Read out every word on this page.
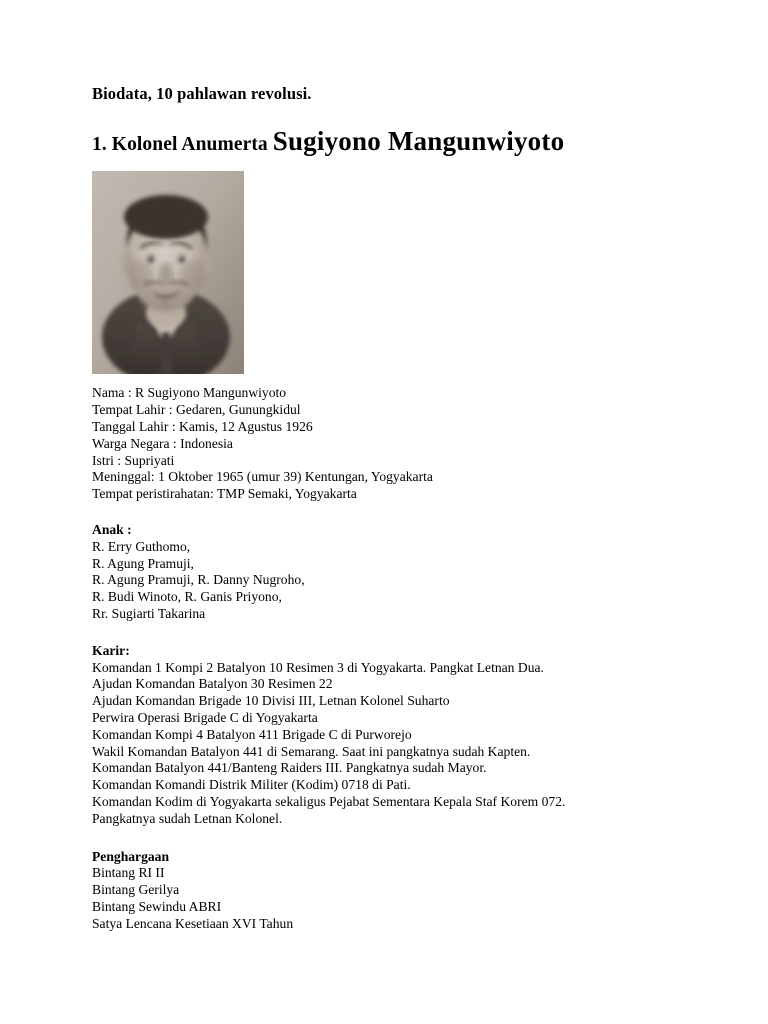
Biodata, 10 pahlawan revolusi.
1. Kolonel Anumerta Sugiyono Mangunwiyoto
Nama : R Sugiyono Mangunwiyoto
Tempat Lahir : Gedaren, Gunungkidul
Tanggal Lahir : Kamis, 12 Agustus 1926
Warga Negara : Indonesia
Istri : Supriyati
Meninggal: 1 Oktober 1965 (umur 39) Kentungan, Yogyakarta
Tempat peristirahatan: TMP Semaki, Yogyakarta
Anak :
R. Erry Guthomo,
R. Agung Pramuji,
R. Agung Pramuji, R. Danny Nugroho,
R. Budi Winoto, R. Ganis Priyono,
Rr. Sugiarti Takarina
Karir:
Komandan 1 Kompi 2 Batalyon 10 Resimen 3 di Yogyakarta. Pangkat Letnan Dua.
Ajudan Komandan Batalyon 30 Resimen 22
Ajudan Komandan Brigade 10 Divisi III, Letnan Kolonel Suharto
Perwira Operasi Brigade C di Yogyakarta
Komandan Kompi 4 Batalyon 411 Brigade C di Purworejo
Wakil Komandan Batalyon 441 di Semarang. Saat ini pangkatnya sudah Kapten.
Komandan Batalyon 441/Banteng Raiders III. Pangkatnya sudah Mayor.
Komandan Komandi Distrik Militer (Kodim) 0718 di Pati.
Komandan Kodim di Yogyakarta sekaligus Pejabat Sementara Kepala Staf Korem 072.
Pangkatnya sudah Letnan Kolonel.
Penghargaan
Bintang RI II
Bintang Gerilya
Bintang Sewindu ABRI
Satya Lencana Kesetiaan XVI Tahun
